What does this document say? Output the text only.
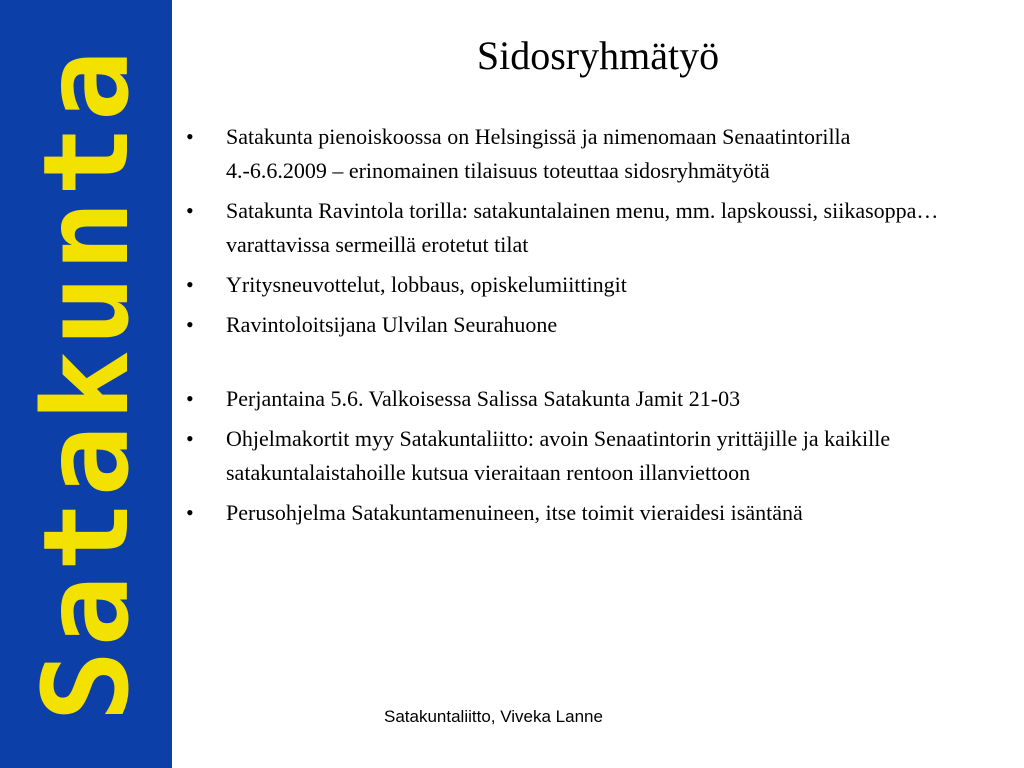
Satakunta	Sidosryhmätyö
• Satakunta pienoiskoossa on Helsingissä ja nimenomaan Senaatintorilla 4.-6.6.2009 – erinomainen tilaisuus toteuttaa sidosryhmätyötä
• Satakunta Ravintola torilla: satakuntalainen menu, mm. lapskoussi, siikasoppa…varattavissa sermeillä erotetut tilat
• Yritysneuvottelut, lobbaus, opiskelumiittingit
• Ravintoloitsijana Ulvilan Seurahuone
• Perjantaina 5.6. Valkoisessa Salissa Satakunta Jamit 21-03
• Ohjelmakortit myy Satakuntaliitto: avoin Senaatintorin yrittäjille ja kaikille satakuntalaistahoille kutsua vieraitaan rentoon illanviettoon
• Perusohjelma Satakuntamenuineen, itse toimit vieraidesi isäntänä
Satakuntaliitto, Viveka Lanne
